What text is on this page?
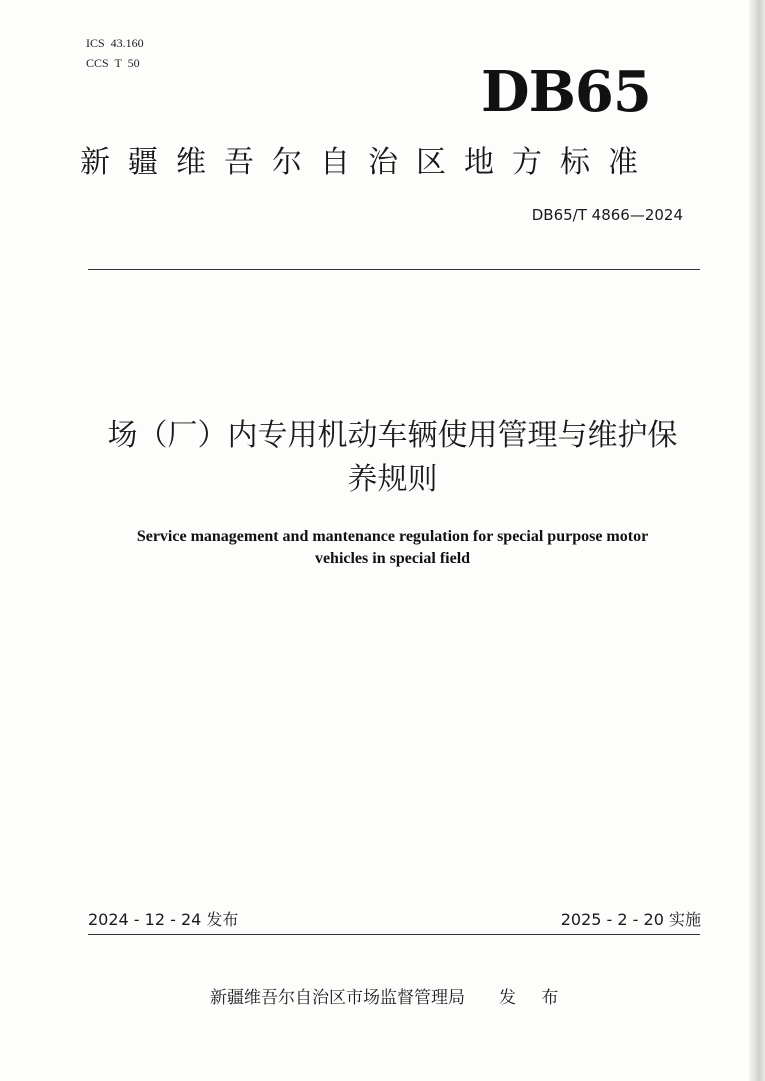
ICS  43.160
CCS  T  50	DB65
新疆维吾尔自治区地方标准
DB65/T 4866—2024
场（厂）内专用机动车辆使用管理与维护保
养规则
Service management and mantenance regulation for special purpose motor
vehicles in special field
2024 - 12 - 24 发布	2025 - 2 - 20 实施
新疆维吾尔自治区市场监督管理局 发 布
